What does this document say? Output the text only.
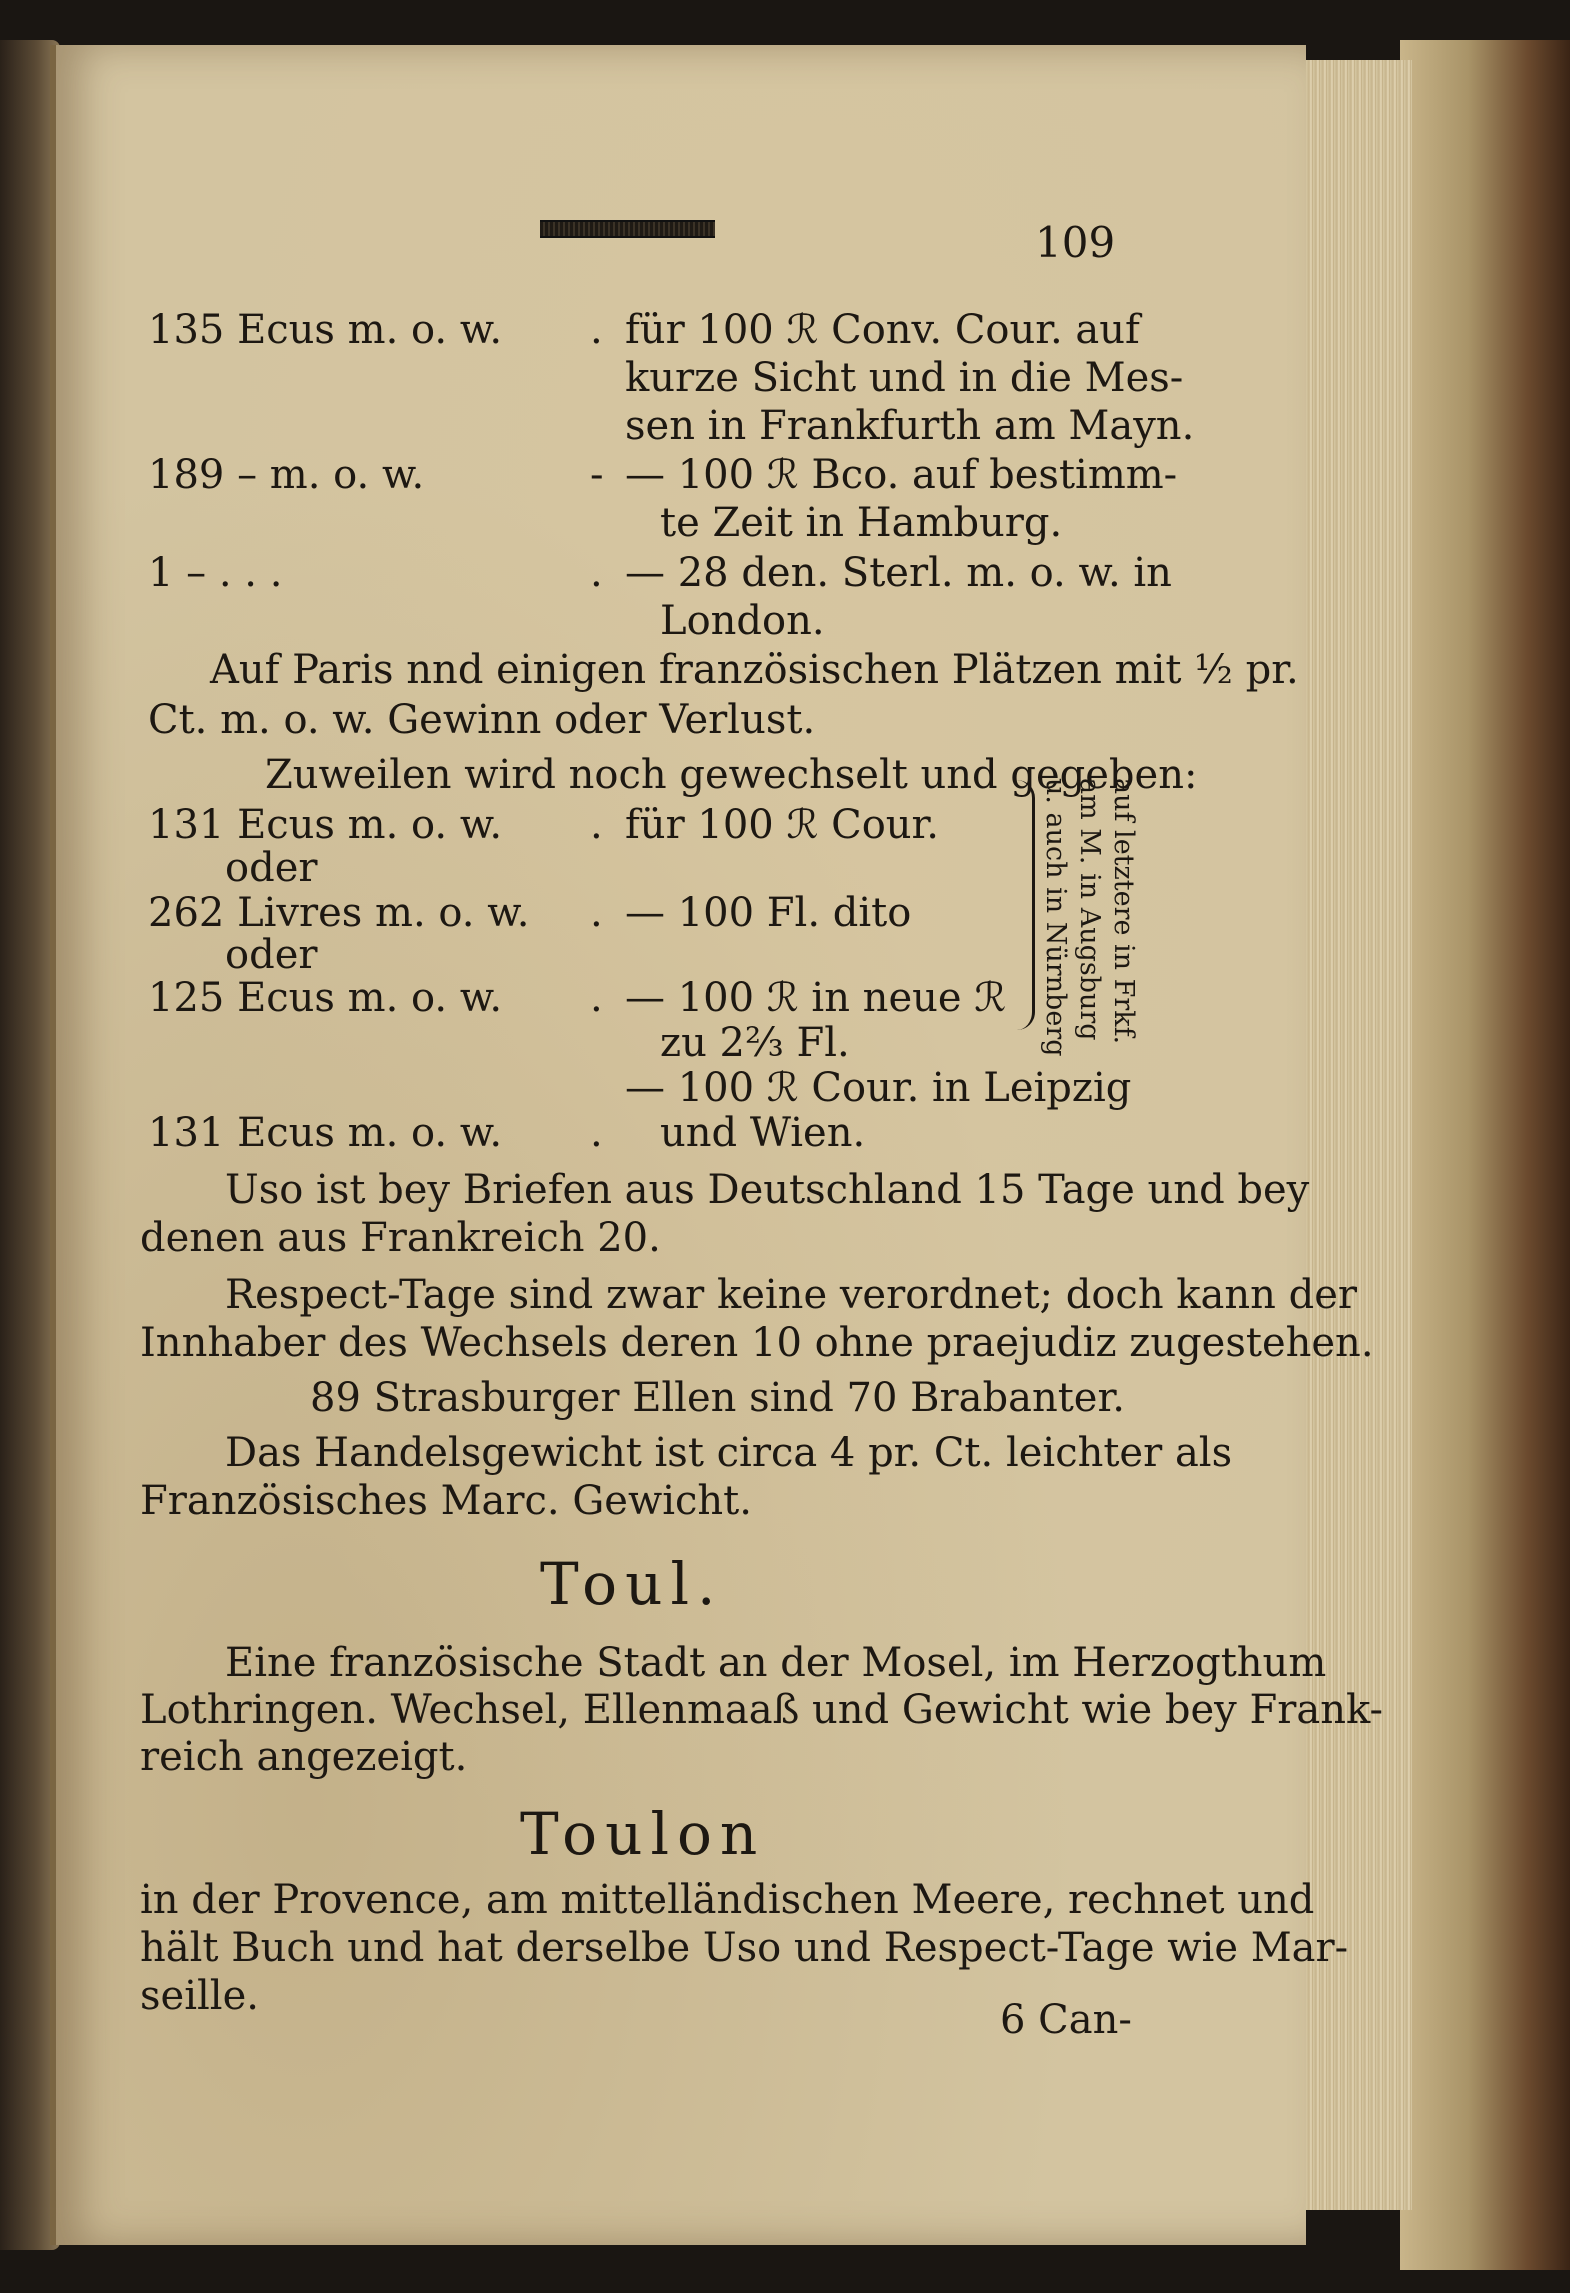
109
135 Ecus m. o. w. . für 100 ℛ︎ Conv. Cour. auf
kurze Sicht und in die Mes-
sen in Frankfurth am Mayn.
189 – m. o. w.	- — 100 ℛ︎ Bco. auf bestimm-
te Zeit in Hamburg.
1 – . . .	. — 28 den. Sterl. m. o. w. in
London.
Auf Paris nnd einigen französischen Plätzen mit ½ pr.
Ct. m. o. w. Gewinn oder Verlust.
Zuweilen wird noch gewechselt und gegeben:
131 Ecus m. o. w. . für 100 ℛ︎ Cour.
oder
262 Livres m. o. w. . — 100 Fl. dito
oder
125 Ecus m. o. w. . — 100 ℛ︎ in neue ℛ︎
zu 2⅔ Fl.
— 100 ℛ︎ Cour. in Leipzig
131 Ecus m. o. w. . und Wien.
auf letztere in Frkf.
am M. in Augsburg
u. auch in Nürnberg
Uso ist bey Briefen aus Deutschland 15 Tage und bey
denen aus Frankreich 20.
Respect-Tage sind zwar keine verordnet; doch kann der
Innhaber des Wechsels deren 10 ohne praejudiz zugestehen.
89 Strasburger Ellen sind 70 Brabanter.
Das Handelsgewicht ist circa 4 pr. Ct. leichter als
Französisches Marc. Gewicht.
Toul.
Eine französische Stadt an der Mosel, im Herzogthum
Lothringen. Wechsel, Ellenmaaß und Gewicht wie bey Frank-
reich angezeigt.
Toulon
in der Provence, am mittelländischen Meere, rechnet und
hält Buch und hat derselbe Uso und Respect-Tage wie Mar-
seille.
6 Can-
